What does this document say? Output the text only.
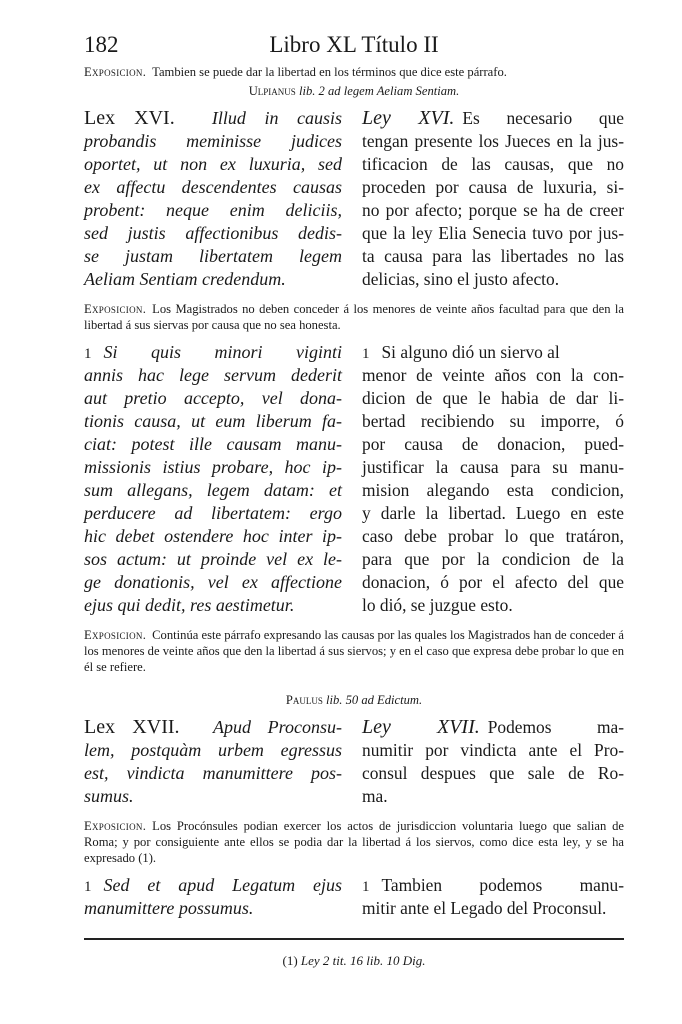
182	Libro XL Título II

Exposicion. Tambien se puede dar la libertad en los términos que dice este párrafo.

Ulpianus lib. 2 ad legem Aeliam Sentiam.

Lex XVI. Illud in causis
probandis meminisse judices
oportet, ut non ex luxuria, sed
ex affectu descendentes causas
probent: neque enim deliciis,
sed justis affectionibus dedis-
se justam libertatem legem
Aeliam Sentiam credendum.
Ley XVI. Es necesario que
tengan presente los Jueces en la jus-
tificacion de las causas, que no
proceden por causa de luxuria, si-
no por afecto; porque se ha de creer
que la ley Elia Senecia tuvo por jus-
ta causa para las libertades no las
delicias, sino el justo afecto.

Exposicion. Los Magistrados no deben conceder á los menores de veinte años facultad para que den la libertad á sus siervas por causa que no sea honesta.

1 Si quis minori viginti
annis hac lege servum dederit
aut pretio accepto, vel dona-
tionis causa, ut eum liberum fa-
ciat: potest ille causam manu-
missionis istius probare, hoc ip-
sum allegans, legem datam: et
perducere ad libertatem: ergo
hic debet ostendere hoc inter ip-
sos actum: ut proinde vel ex le-
ge donationis, vel ex affectione
ejus qui dedit, res aestimetur.
1 Si alguno dió un siervo al
menor de veinte años con la con-
dicion de que le habia de dar li-
bertad recibiendo su imporre, ó
por causa de donacion, pued-
justificar la causa para su manu-
mision alegando esta condicion,
y darle la libertad. Luego en este
caso debe probar lo que tratáron,
para que por la condicion de la
donacion, ó por el afecto del que
lo dió, se juzgue esto.

Exposicion. Continúa este párrafo expresando las causas por las quales los Magistrados han de conceder á los menores de veinte años que den la libertad á sus siervos; y en el caso que expresa debe probar lo que en él se refiere.

Paulus lib. 50 ad Edictum.

Lex XVII. Apud Proconsu-
lem, postquàm urbem egressus
est, vindicta manumittere pos-
sumus.
Ley XVII. Podemos ma-
numitir por vindicta ante el Pro-
consul despues que sale de Ro-
ma.

Exposicion. Los Procónsules podian exercer los actos de jurisdiccion voluntaria luego que salian de Roma; y por consiguiente ante ellos se podia dar la libertad á los siervos, como dice esta ley, y se ha expresado (1).

1 Sed et apud Legatum ejus
manumittere possumus.
1 Tambien podemos manu-
mitir ante el Legado del Proconsul.

(1) Ley 2 tit. 16 lib. 10 Dig.
